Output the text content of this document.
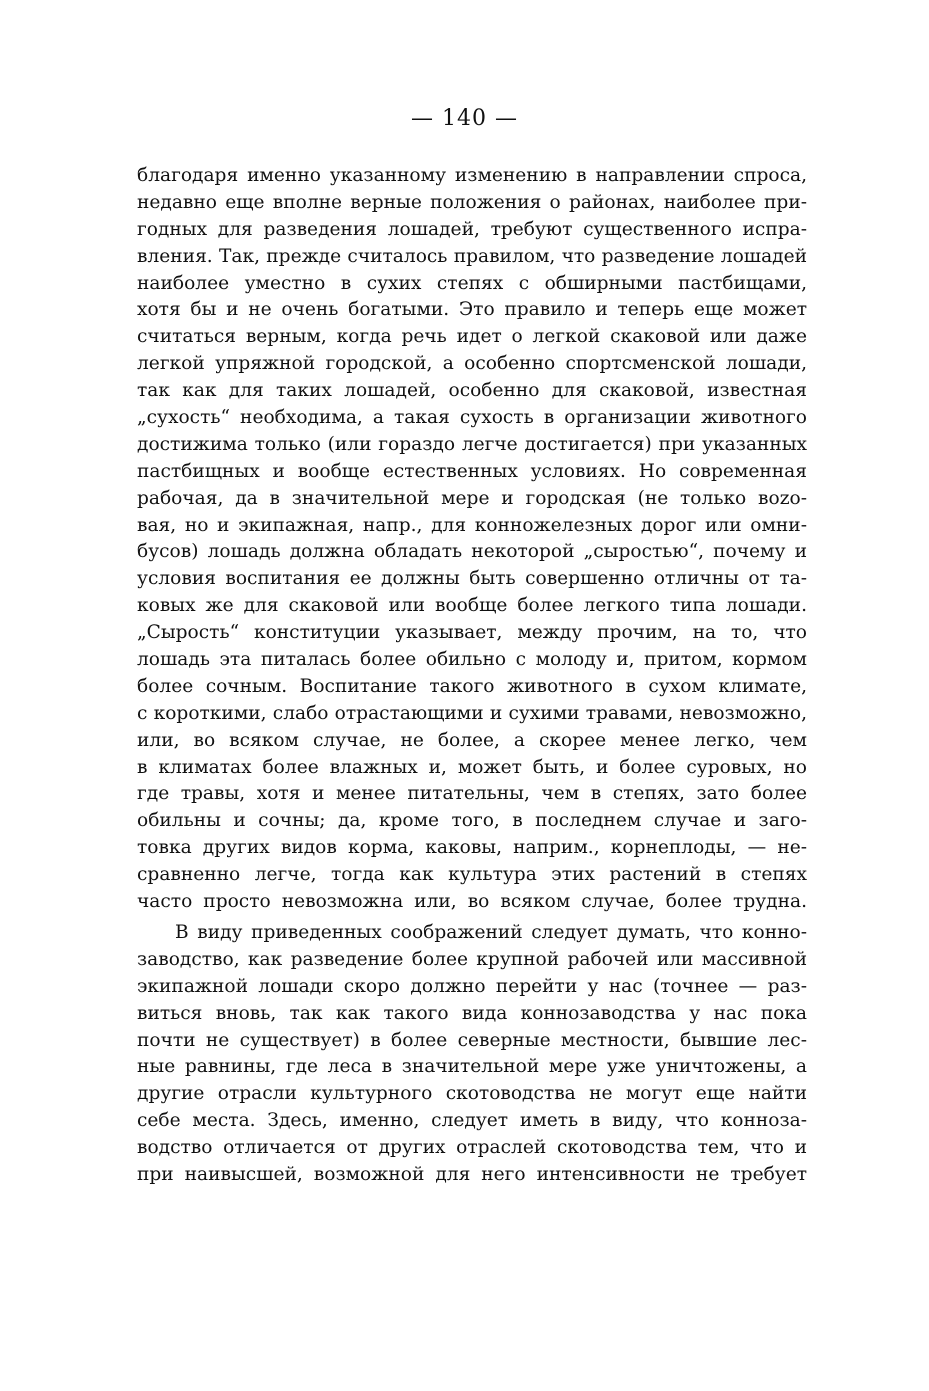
— 140 —
благодаря именно указанному изменению в направлении спроса,
недавно еще вполне верные положения о районах, наиболее при-
годных для разведения лошадей, требуют существенного испра-
вления. Так, прежде считалось правилом, что разведение лошадей
наиболее уместно в сухих степях с обширными пастбищами,
хотя бы и не очень богатыми. Это правило и теперь еще может
считаться верным, когда речь идет о легкой скаковой или даже
легкой упряжной городской, а особенно спортсменской лошади,
так как для таких лошадей, особенно для скаковой, известная
„сухость“ необходима, а такая сухость в организации животного
достижима только (или гораздо легче достигается) при указанных
пастбищных и вообще естественных условиях. Но современная
рабочая, да в значительной мере и городская (не только вozо-
вая, но и экипажная, напр., для конножелезных дорог или омни-
бусов) лошадь должна обладать некоторой „сыростью“, почему и
условия воспитания ее должны быть совершенно отличны от та-
ковых же для скаковой или вообще более легкого типа лошади.
„Сырость“ конституции указывает, между прочим, на то, что
лошадь эта питалась более обильно с молоду и, притом, кормом
более сочным. Воспитание такого животного в сухом климате,
с короткими, слабо отрастающими и сухими травами, невозможно,
или, во всяком случае, не более, а скорее менее легко, чем
в климатах более влажных и, может быть, и более суровых, но
где травы, хотя и менее питательны, чем в степях, зато более
обильны и сочны; да, кроме того, в последнем случае и заго-
товка других видов корма, каковы, наприм., корнеплоды, — не-
сравненно легче, тогда как культура этих растений в степях
часто просто невозможна или, во всяком случае, более трудна.
В виду приведенных соображений следует думать, что конно-
заводство, как разведение более крупной рабочей или массивной
экипажной лошади скоро должно перейти у нас (точнее — раз-
виться вновь, так как такого вида коннозаводства у нас пока
почти не существует) в более северные местности, бывшие лес-
ные равнины, где леса в значительной мере уже уничтожены, а
другие отрасли культурного скотоводства не могут еще найти
себе места. Здесь, именно, следует иметь в виду, что конноза-
водство отличается от других отраслей скотоводства тем, что и
при наивысшей, возможной для него интенсивности не требует
